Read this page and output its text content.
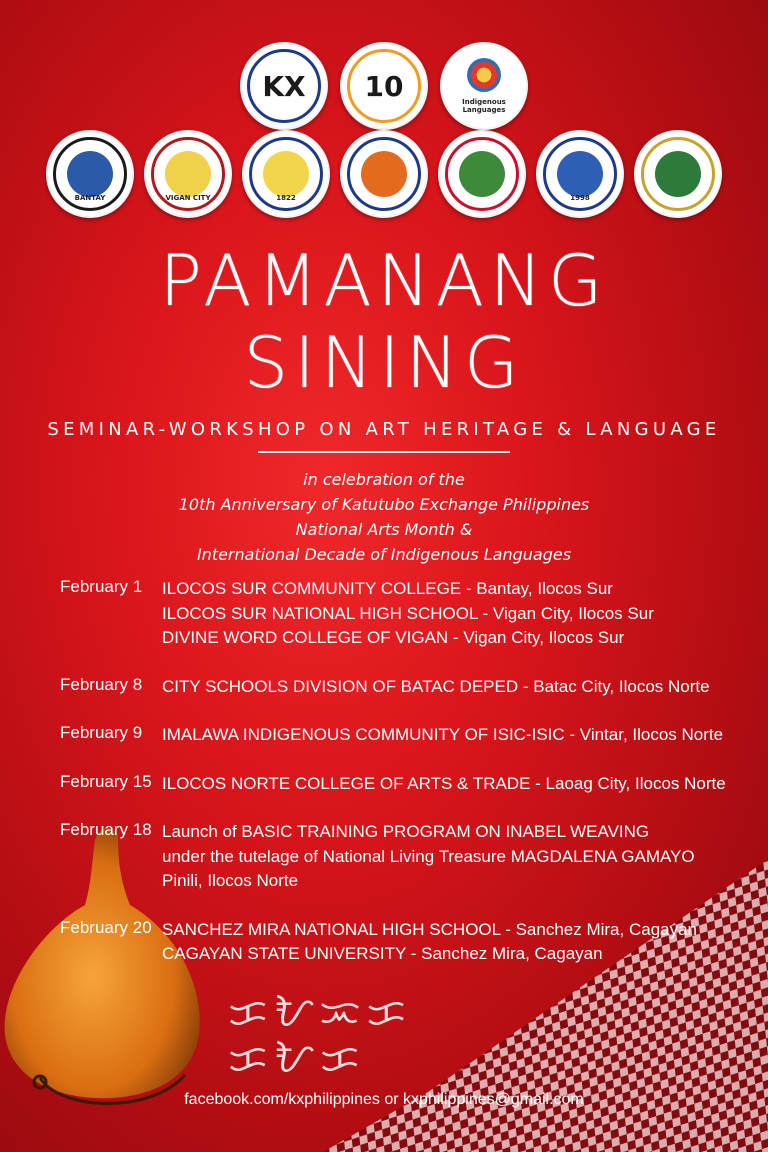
KX 10	Indigenous Languages
BANTAY	VIGAN CITY	1822	1998
PAMANANG
SINING
SEMINAR-WORKSHOP ON ART HERITAGE & LANGUAGE
in celebration of the
10th Anniversary of Katutubo Exchange Philippines
National Arts Month &
International Decade of Indigenous Languages
February 1	ILOCOS SUR COMMUNITY COLLEGE - Bantay, Ilocos Sur
ILOCOS SUR NATIONAL HIGH SCHOOL - Vigan City, Ilocos Sur
DIVINE WORD COLLEGE OF VIGAN - Vigan City, Ilocos Sur
February 8	CITY SCHOOLS DIVISION OF BATAC DEPED - Batac City, Ilocos Norte
February 9	IMALAWA INDIGENOUS COMMUNITY OF ISIC-ISIC - Vintar, Ilocos Norte
February 15 ILOCOS NORTE COLLEGE OF ARTS & TRADE - Laoag City, Ilocos Norte
February 18 Launch of BASIC TRAINING PROGRAM ON INABEL WEAVING
under the tutelage of National Living Treasure MAGDALENA GAMAYO
Pinili, Ilocos Norte
February 20 SANCHEZ MIRA NATIONAL HIGH SCHOOL - Sanchez Mira, Cagayan
CAGAYAN STATE UNIVERSITY - Sanchez Mira, Cagayan
ᜃᜀᜁᜃ
ᜃᜀᜃ
facebook.com/kxphilippines or kxphilippines@gmail.com
